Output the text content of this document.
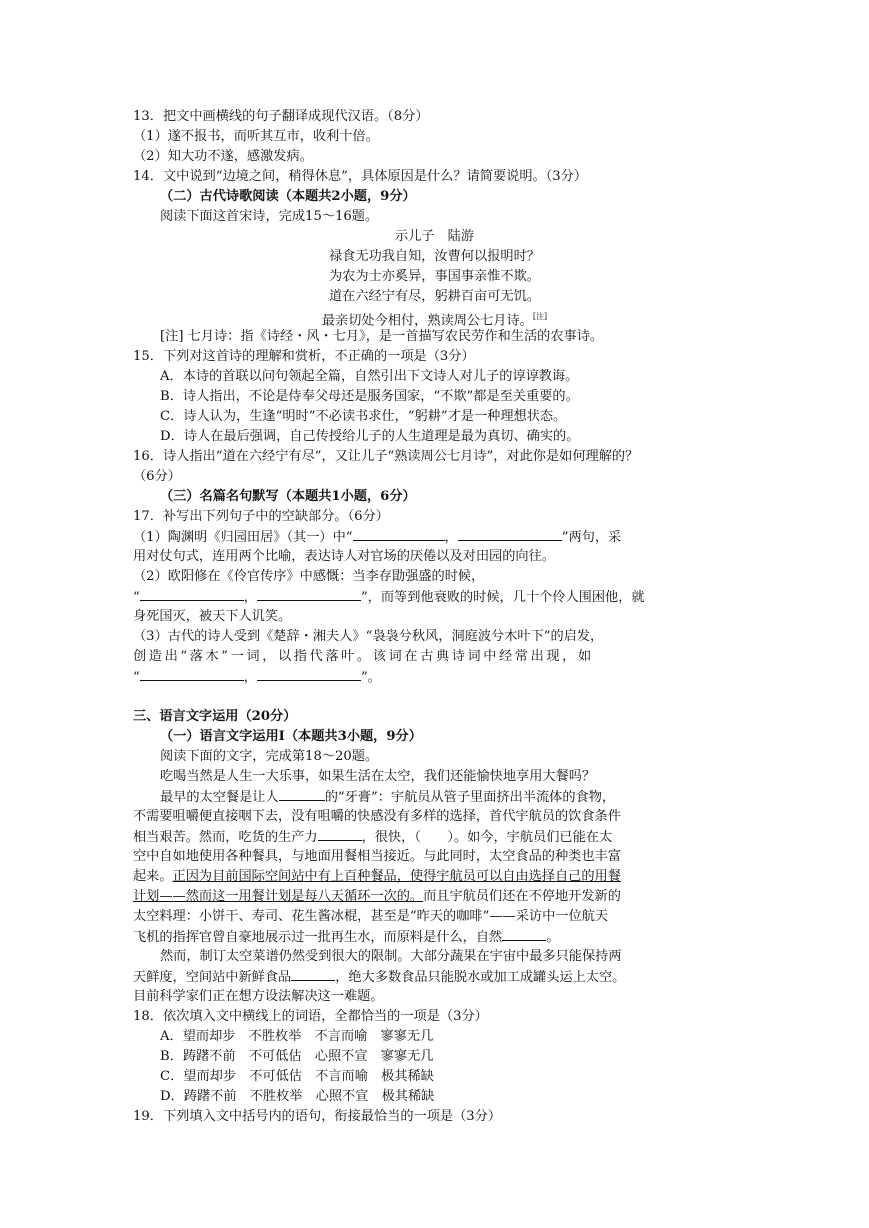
13．把文中画横线的句子翻译成现代汉语。（8分）
（1）遂不报书，而听其互市，收利十倍。
（2）知大功不遂，感激发病。
14．文中说到“边境之间，稍得休息”，具体原因是什么？请简要说明。（3分）
（二）古代诗歌阅读（本题共2小题，9分）
阅读下面这首宋诗，完成15～16题。
示儿子　陆游
禄食无功我自知，汝曹何以报明时？
为农为士亦奚异，事国事亲惟不欺。
道在六经宁有尽，躬耕百亩可无饥。
最亲切处今相付，熟读周公七月诗。[注]
[注] 七月诗：指《诗经・风・七月》，是一首描写农民劳作和生活的农事诗。
15．下列对这首诗的理解和赏析，不正确的一项是（3分）
A．本诗的首联以问句领起全篇，自然引出下文诗人对儿子的谆谆教诲。
B．诗人指出，不论是侍奉父母还是服务国家，“不欺”都是至关重要的。
C．诗人认为，生逢“明时”不必读书求仕，“躬耕”才是一种理想状态。
D．诗人在最后强调，自己传授给儿子的人生道理是最为真切、确实的。
16．诗人指出“道在六经宁有尽”，又让儿子“熟读周公七月诗”，对此你是如何理解的？
（6分）
（三）名篇名句默写（本题共1小题，6分）
17．补写出下列句子中的空缺部分。（6分）
（1）陶渊明《归园田居》（其一）中“	，	”两句，采
用对仗句式，连用两个比喻，表达诗人对官场的厌倦以及对田园的向往。
（2）欧阳修在《伶官传序》中感慨：当李存勖强盛的时候，
“	，	”，而等到他衰败的时候，几十个伶人围困他，就
身死国灭，被天下人讥笑。
（3）古代的诗人受到《楚辞・湘夫人》“袅袅兮秋风，洞庭波兮木叶下”的启发，
创造出“落木”一词，以指代落叶。该词在古典诗词中经常出现，如
“	，	”。
三、语言文字运用（20分）
（一）语言文字运用Ⅰ（本题共3小题，9分）
阅读下面的文字，完成第18～20题。
吃喝当然是人生一大乐事，如果生活在太空，我们还能愉快地享用大餐吗？
最早的太空餐是让人	的“牙膏”：宇航员从管子里面挤出半流体的食物，
不需要咀嚼便直接咽下去，没有咀嚼的快感没有多样的选择，首代宇航员的饮食条件
相当艰苦。然而，吃货的生产力	，很快，（　　）。如今，宇航员们已能在太
空中自如地使用各种餐具，与地面用餐相当接近。与此同时，太空食品的种类也丰富
起来。正因为目前国际空间站中有上百种餐品，使得宇航员可以自由选择自己的用餐
计划——然而这一用餐计划是每八天循环一次的。而且宇航员们还在不停地开发新的
太空料理：小饼干、寿司、花生酱冰棍，甚至是“昨天的咖啡”——采访中一位航天
飞机的指挥官曾自豪地展示过一批再生水，而原料是什么，自然	。
然而，制订太空菜谱仍然受到很大的限制。大部分蔬果在宇宙中最多只能保持两
天鲜度，空间站中新鲜食品	，绝大多数食品只能脱水或加工成罐头运上太空。
目前科学家们正在想方设法解决这一难题。
18．依次填入文中横线上的词语，全都恰当的一项是（3分）
A．望而却步　不胜枚举　不言而喻　寥寥无几
B．踌躇不前　不可低估　心照不宣　寥寥无几
C．望而却步　不可低估　不言而喻　极其稀缺
D．踌躇不前　不胜枚举　心照不宣　极其稀缺
19．下列填入文中括号内的语句，衔接最恰当的一项是（3分）
